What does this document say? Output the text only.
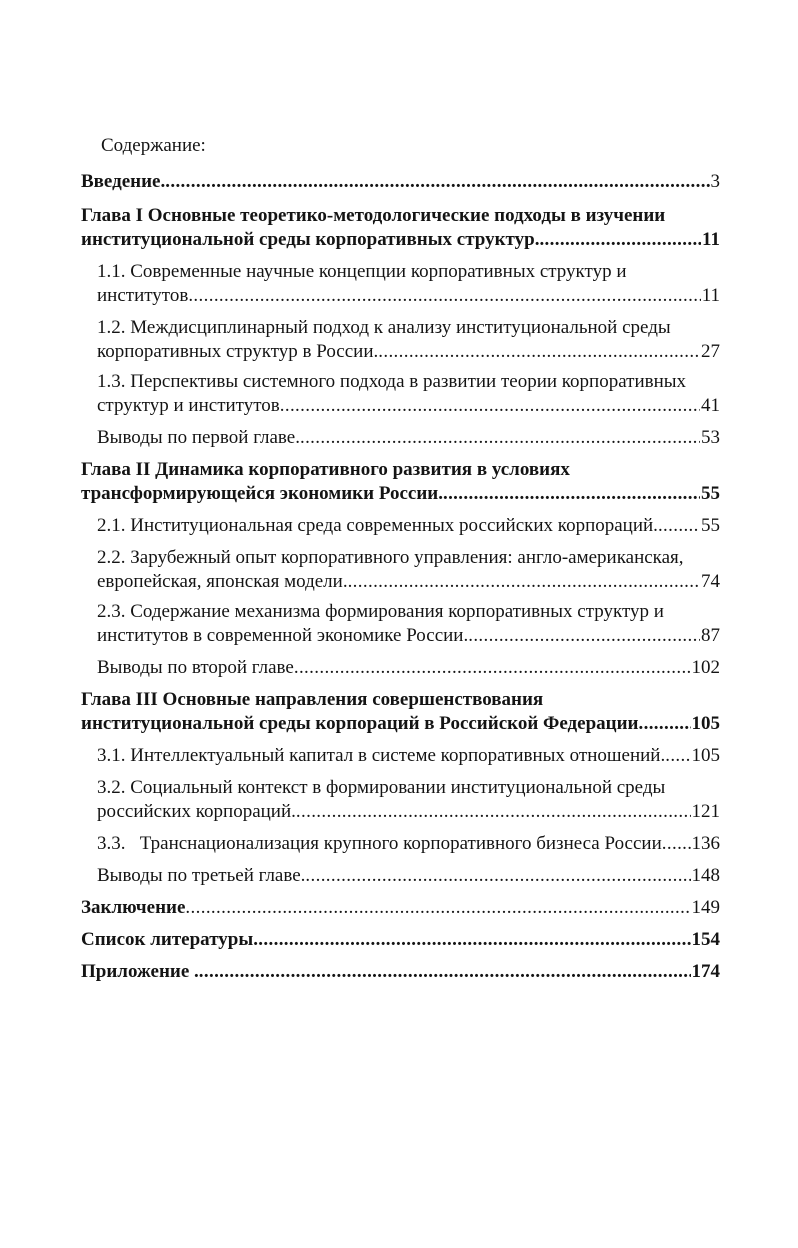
Содержание:
Введение. . . .	3
Глава I Основные теоретико-методологические подходы в изучении
институциональной среды корпоративных структур. . . .	11
1.1. Современные научные концепции корпоративных структур и
институтов . . .	11
1.2. Междисциплинарный подход к анализу институциональной среды
корпоративных структур в России. . . .	27
1.3. Перспективы системного подхода в развитии теории корпоративных
структур и институтов . . .	41
Выводы по первой главе. . . .	53
Глава II Динамика корпоративного развития в условиях
трансформирующейся экономики России. . . .	55
2.1. Институциональная среда современных российских корпораций. . . . 55
2.2. Зарубежный опыт корпоративного управления: англо-американская,
европейская, японская модели. . . .	74
2.3. Содержание механизма формирования корпоративных структур и
институтов в современной экономике России. . . .	87
Выводы по второй главе . . .	102
Глава III Основные направления совершенствования
институциональной среды корпораций в Российской Федерации . . .	105
3.1. Интеллектуальный капитал в системе корпоративных отношений. . . . 105
3.2. Социальный контекст в формировании институциональной среды
российских корпораций. . . .	121
3.3.   Транснационализация крупного корпоративного бизнеса России . . . 136
Выводы по третьей главе. . . .	148
Заключение . . .	149
Список литературы . . .	154
Приложение . . . .	174
